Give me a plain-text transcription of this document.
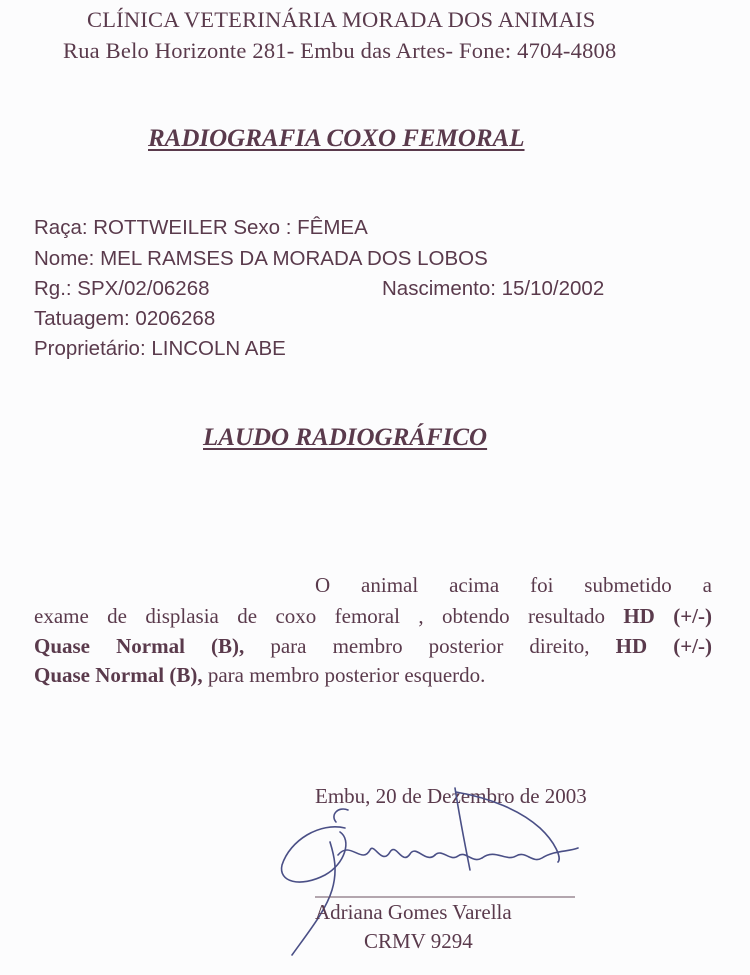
CLÍNICA VETERINÁRIA MORADA DOS ANIMAIS
Rua Belo Horizonte 281- Embu das Artes- Fone: 4704-4808
RADIOGRAFIA COXO FEMORAL
Raça: ROTTWEILER Sexo : FÊMEA
Nome: MEL RAMSES DA MORADA DOS LOBOS
Rg.: SPX/02/06268	Nascimento: 15/10/2002
Tatuagem: 0206268
Proprietário: LINCOLN ABE
LAUDO RADIOGRÁFICO
O animal acima foi submetido a
exame de displasia de coxo femoral , obtendo resultado HD (+/-)
Quase Normal (B), para membro posterior direito, HD (+/-)
Quase Normal (B), para membro posterior esquerdo.
Embu, 20 de Dezembro de 2003
Adriana Gomes Varella
CRMV 9294
